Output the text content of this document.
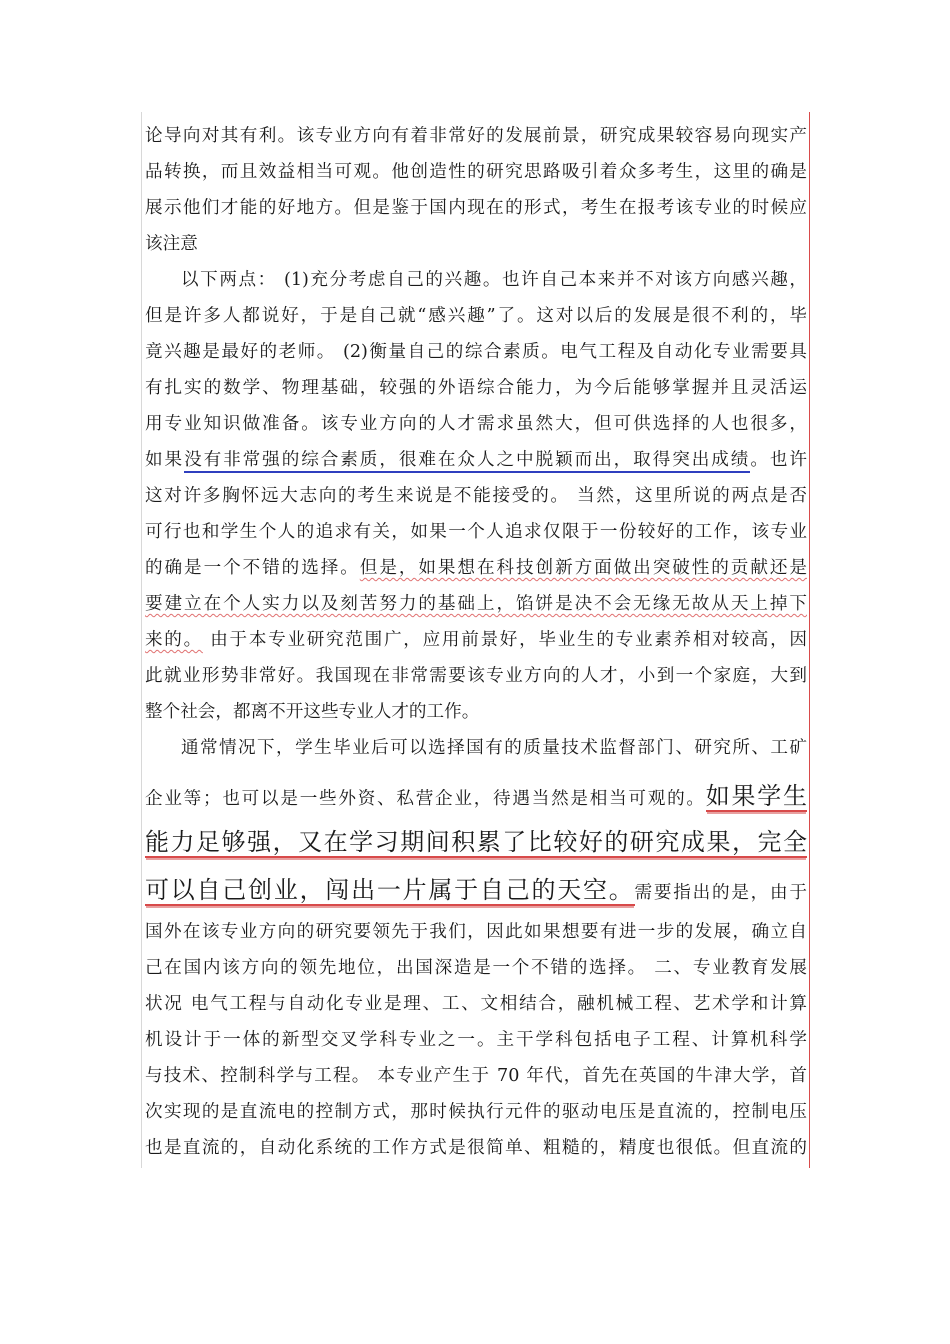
论导向对其有利。该专业方向有着非常好的发展前景，研究成果较容易向现实产
品转换，而且效益相当可观。他创造性的研究思路吸引着众多考生，这里的确是
展示他们才能的好地方。但是鉴于国内现在的形式，考生在报考该专业的时候应
该注意
以下两点： (1)充分考虑自己的兴趣。也许自己本来并不对该方向感兴趣，
但是许多人都说好，于是自己就“感兴趣”了。这对以后的发展是很不利的，毕
竟兴趣是最好的老师。 (2)衡量自己的综合素质。电气工程及自动化专业需要具
有扎实的数学、物理基础，较强的外语综合能力，为今后能够掌握并且灵活运
用专业知识做准备。该专业方向的人才需求虽然大，但可供选择的人也很多，
如果没有非常强的综合素质，很难在众人之中脱颖而出，取得突出成绩。也许
这对许多胸怀远大志向的考生来说是不能接受的。 当然，这里所说的两点是否
可行也和学生个人的追求有关，如果一个人追求仅限于一份较好的工作，该专业
的确是一个不错的选择。但是，如果想在科技创新方面做出突破性的贡献还是
要建立在个人实力以及刻苦努力的基础上，馅饼是决不会无缘无故从天上掉下
来的。 由于本专业研究范围广，应用前景好，毕业生的专业素养相对较高，因
此就业形势非常好。我国现在非常需要该专业方向的人才，小到一个家庭，大到
整个社会，都离不开这些专业人才的工作。
通常情况下，学生毕业后可以选择国有的质量技术监督部门、研究所、工矿
企业等；也可以是一些外资、私营企业，待遇当然是相当可观的。如果学生
能力足够强，又在学习期间积累了比较好的研究成果，完全
可以自己创业，闯出一片属于自己的天空。需要指出的是，由于
国外在该专业方向的研究要领先于我们，因此如果想要有进一步的发展，确立自
己在国内该方向的领先地位，出国深造是一个不错的选择。 二、专业教育发展
状况 电气工程与自动化专业是理、工、文相结合，融机械工程、艺术学和计算
机设计于一体的新型交叉学科专业之一。主干学科包括电子工程、计算机科学
与技术、控制科学与工程。 本专业产生于 70 年代，首先在英国的牛津大学，首
次实现的是直流电的控制方式，那时候执行元件的驱动电压是直流的，控制电压
也是直流的，自动化系统的工作方式是很简单、粗糙的，精度也很低。但直流的
